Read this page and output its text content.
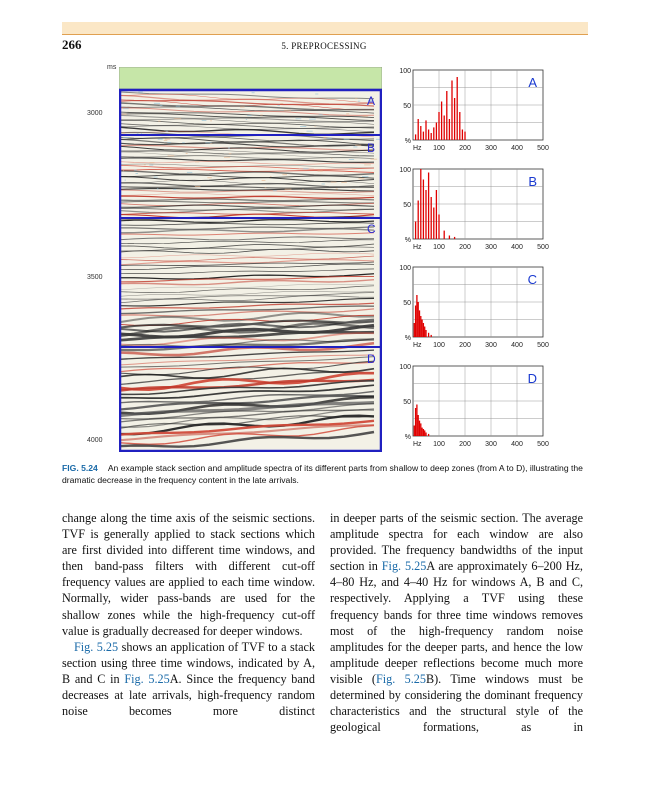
266	5. PREPROCESSING
ms
3000
3500
4000
A
B
C
D
100
50
%
Hz 100 200 300 400 500
A
100
50
%
Hz 100 200 300 400 500
B
100
50
%
Hz 100 200 300 400 500
C
100
50
%
Hz 100 200 300 400 500
D
FIG. 5.24 An example stack section and amplitude spectra of its different parts from shallow to deep zones (from A to D), illustrating the dramatic decrease in the frequency content in the late arrivals.

change along the time axis of the seismic sections. TVF is generally applied to stack sections which are first divided into different time windows, and then band-pass filters with different cut-off frequency values are applied to each time window. Normally, wider pass-bands are used for the shallow zones while the high-frequency cut-off value is gradually decreased for deeper windows.

Fig. 5.25 shows an application of TVF to a stack section using three time windows, indicated by A, B and C in Fig. 5.25A. Since the frequency band decreases at late arrivals, high-frequency random noise becomes more distinct

in deeper parts of the seismic section. The average amplitude spectra for each window are also provided. The frequency bandwidths of the input section in Fig. 5.25A are approximately 6–200 Hz, 4–80 Hz, and 4–40 Hz for windows A, B and C, respectively. Applying a TVF using these frequency bands for three time windows removes most of the high-frequency random noise amplitudes for the deeper parts, and hence the low amplitude deeper reflections become much more visible (Fig. 5.25B). Time windows must be determined by considering the dominant frequency characteristics and the structural style of the geological formations, as in
